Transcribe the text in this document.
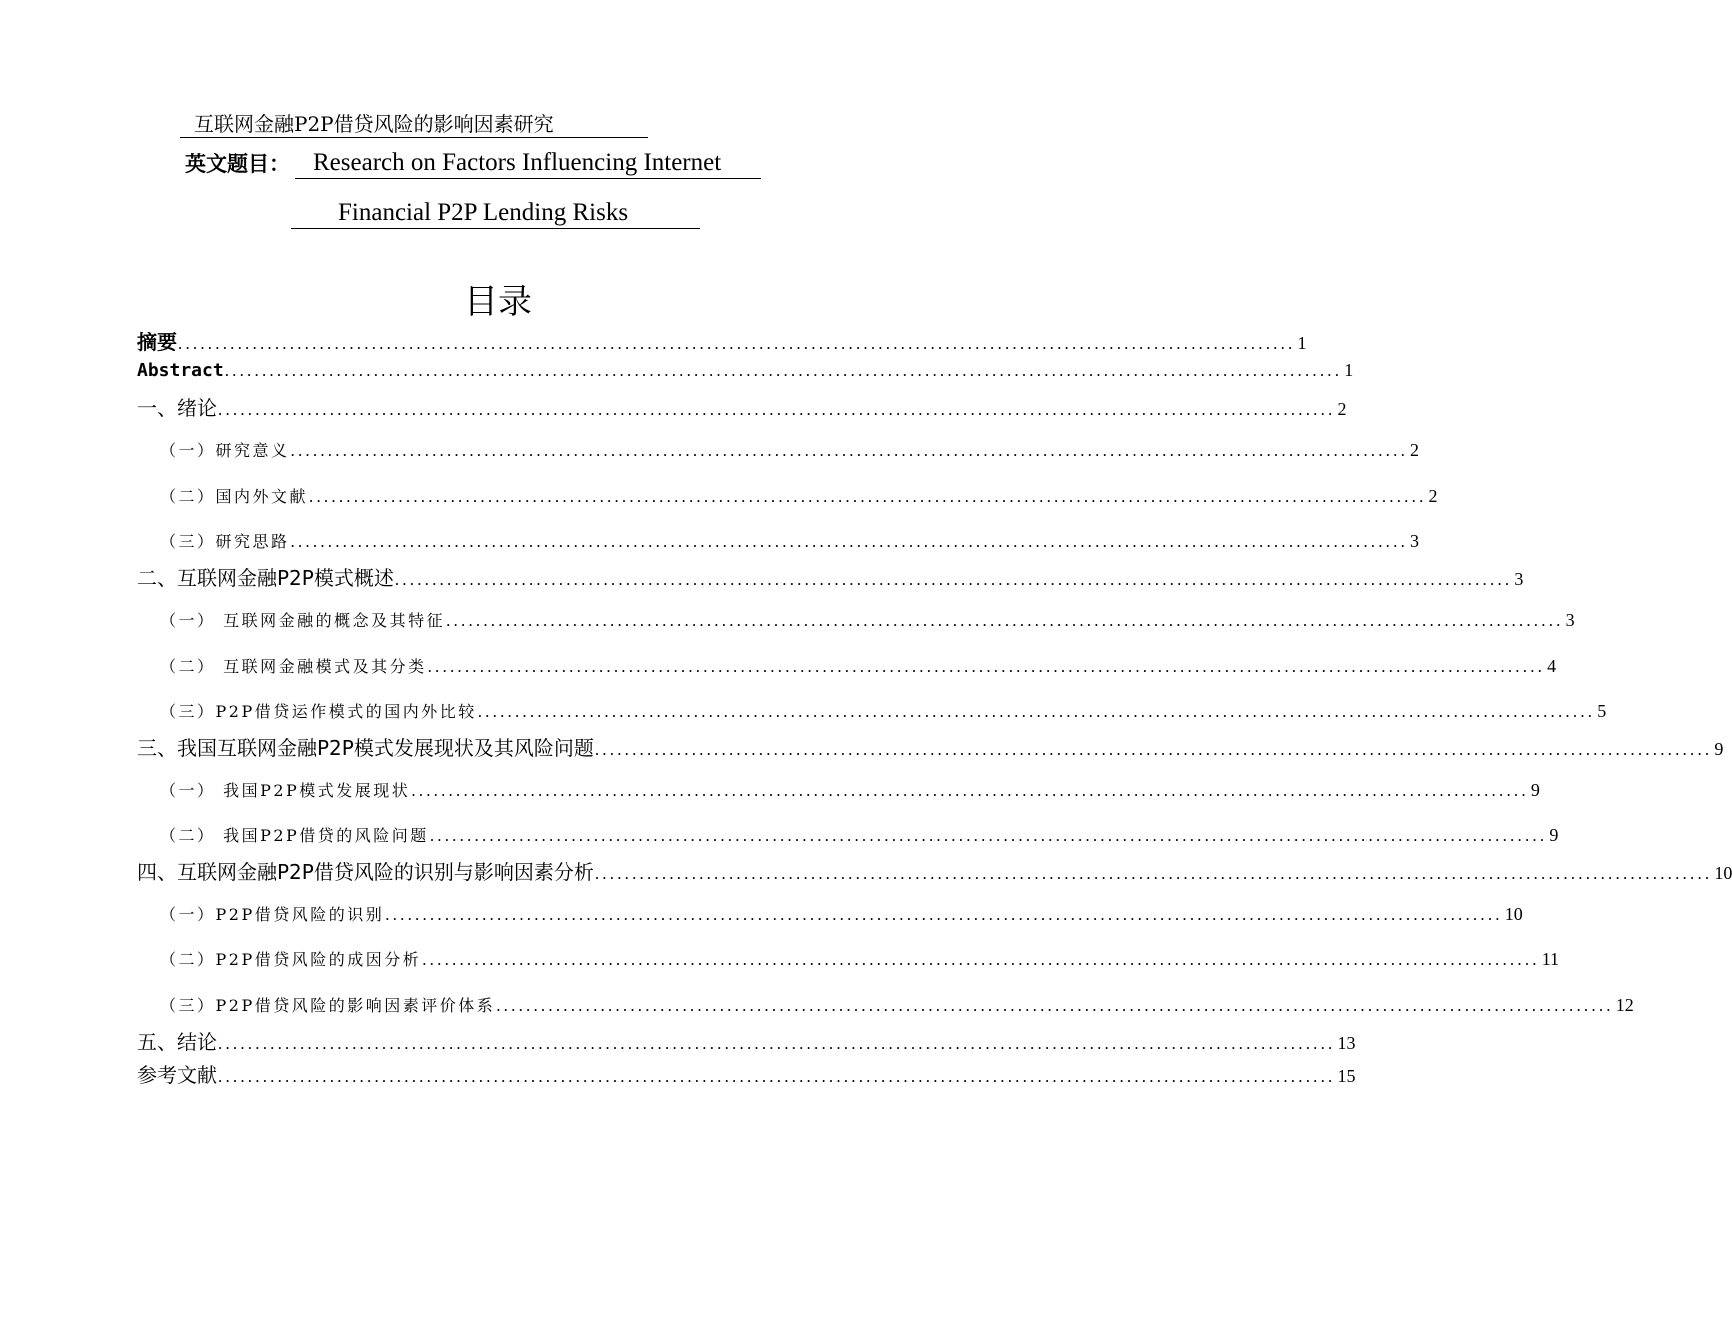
互联网金融P2P借贷风险的影响因素研究
英文题目： Research on Factors Influencing Internet
Financial P2P Lending Risks
目录
摘要 ...................................................................................................................................................... 1
Abstract ...................................................................................................................................................... 1
一、绪论 ...................................................................................................................................................... 2
（一）研究意义 ...................................................................................................................................................... 2
（二）国内外文献 ...................................................................................................................................................... 2
（三）研究思路 ...................................................................................................................................................... 3
二、互联网金融P2P模式概述 ...................................................................................................................................................... 3
（一） 互联网金融的概念及其特征 ...................................................................................................................................................... 3
（二） 互联网金融模式及其分类 ...................................................................................................................................................... 4
（三）P2P借贷运作模式的国内外比较 ...................................................................................................................................................... 5
三、我国互联网金融P2P模式发展现状及其风险问题 ...................................................................................................................................................... 9
（一） 我国P2P模式发展现状 ...................................................................................................................................................... 9
（二） 我国P2P借贷的风险问题 ...................................................................................................................................................... 9
四、互联网金融P2P借贷风险的识别与影响因素分析 ...................................................................................................................................................... 10
（一）P2P借贷风险的识别 ...................................................................................................................................................... 10
（二）P2P借贷风险的成因分析 ...................................................................................................................................................... 11
（三）P2P借贷风险的影响因素评价体系 ...................................................................................................................................................... 12
五、结论 ...................................................................................................................................................... 13
参考文献 ...................................................................................................................................................... 15
